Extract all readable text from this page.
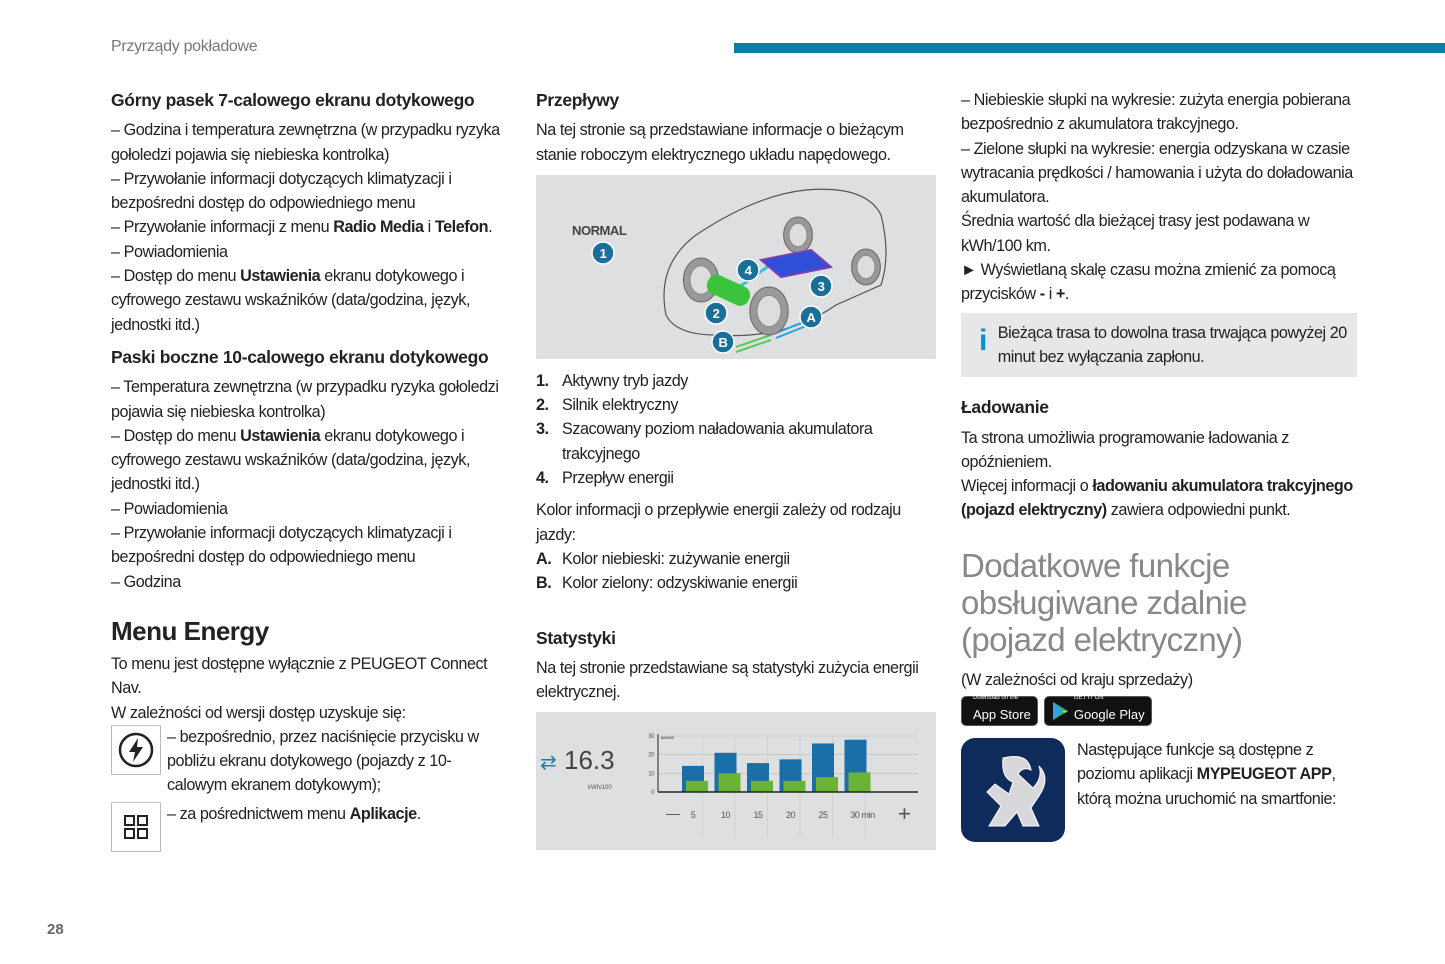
Przyrządy pokładowe
Górny pasek 7-calowego ekranu dotykowego
– Godzina i temperatura zewnętrzna (w przypadku ryzyka gołoledzi pojawia się niebieska kontrolka)
– Przywołanie informacji dotyczących klimatyzacji i bezpośredni dostęp do odpowiedniego menu
– Przywołanie informacji z menu Radio Media i Telefon.
– Powiadomienia
– Dostęp do menu Ustawienia ekranu dotykowego i cyfrowego zestawu wskaźników (data/godzina, język, jednostki itd.)
Paski boczne 10-calowego ekranu dotykowego
– Temperatura zewnętrzna (w przypadku ryzyka gołoledzi pojawia się niebieska kontrolka)
– Dostęp do menu Ustawienia ekranu dotykowego i cyfrowego zestawu wskaźników (data/godzina, język, jednostki itd.)
– Powiadomienia
– Przywołanie informacji dotyczących klimatyzacji i bezpośredni dostęp do odpowiedniego menu
– Godzina
Menu Energy
To menu jest dostępne wyłącznie z PEUGEOT Connect Nav.
W zależności od wersji dostęp uzyskuje się:
– bezpośrednio, przez naciśnięcie przycisku w pobliżu ekranu dotykowego (pojazdy z 10-calowym ekranem dotykowym);
– za pośrednictwem menu Aplikacje.
Przepływy
Na tej stronie są przedstawiane informacje o bieżącym stanie roboczym elektrycznego układu napędowego.
NORMAL
1
2
3
4
A
B
1. Aktywny tryb jazdy
2. Silnik elektryczny
3. Szacowany poziom naładowania akumulatora trakcyjnego
4. Przepływ energii
Kolor informacji o przepływie energii zależy od rodzaju jazdy:
A. Kolor niebieski: zużywanie energii
B. Kolor zielony: odzyskiwanie energii
Statystyki
Na tej stronie przedstawiane są statystyki zużycia energii elektrycznej.
⇄ 16.3
kWh/100
0
10
20
30
5	10	15	20	25	30 min
kWh/100
—	+
– Niebieskie słupki na wykresie: zużyta energia pobierana bezpośrednio z akumulatora trakcyjnego.
– Zielone słupki na wykresie: energia odzyskana w czasie wytracania prędkości / hamowania i użyta do doładowania akumulatora.
Średnia wartość dla bieżącej trasy jest podawana w kWh/100 km.
► Wyświetlaną skalę czasu można zmienić za pomocą przycisków - i +.
i Bieżąca trasa to dowolna trasa trwająca powyżej 20 minut bez wyłączania zapłonu.
Ładowanie
Ta strona umożliwia programowanie ładowania z opóźnieniem.
Więcej informacji o ładowaniu akumulatora trakcyjnego (pojazd elektryczny) zawiera odpowiedni punkt.
Dodatkowe funkcje obsługiwane zdalnie (pojazd elektryczny)
(W zależności od kraju sprzedaży)
Download on the
App Store
GET IT ON
Google Play
Następujące funkcje są dostępne z poziomu aplikacji MYPEUGEOT APP, którą można uruchomić na smartfonie:
28
